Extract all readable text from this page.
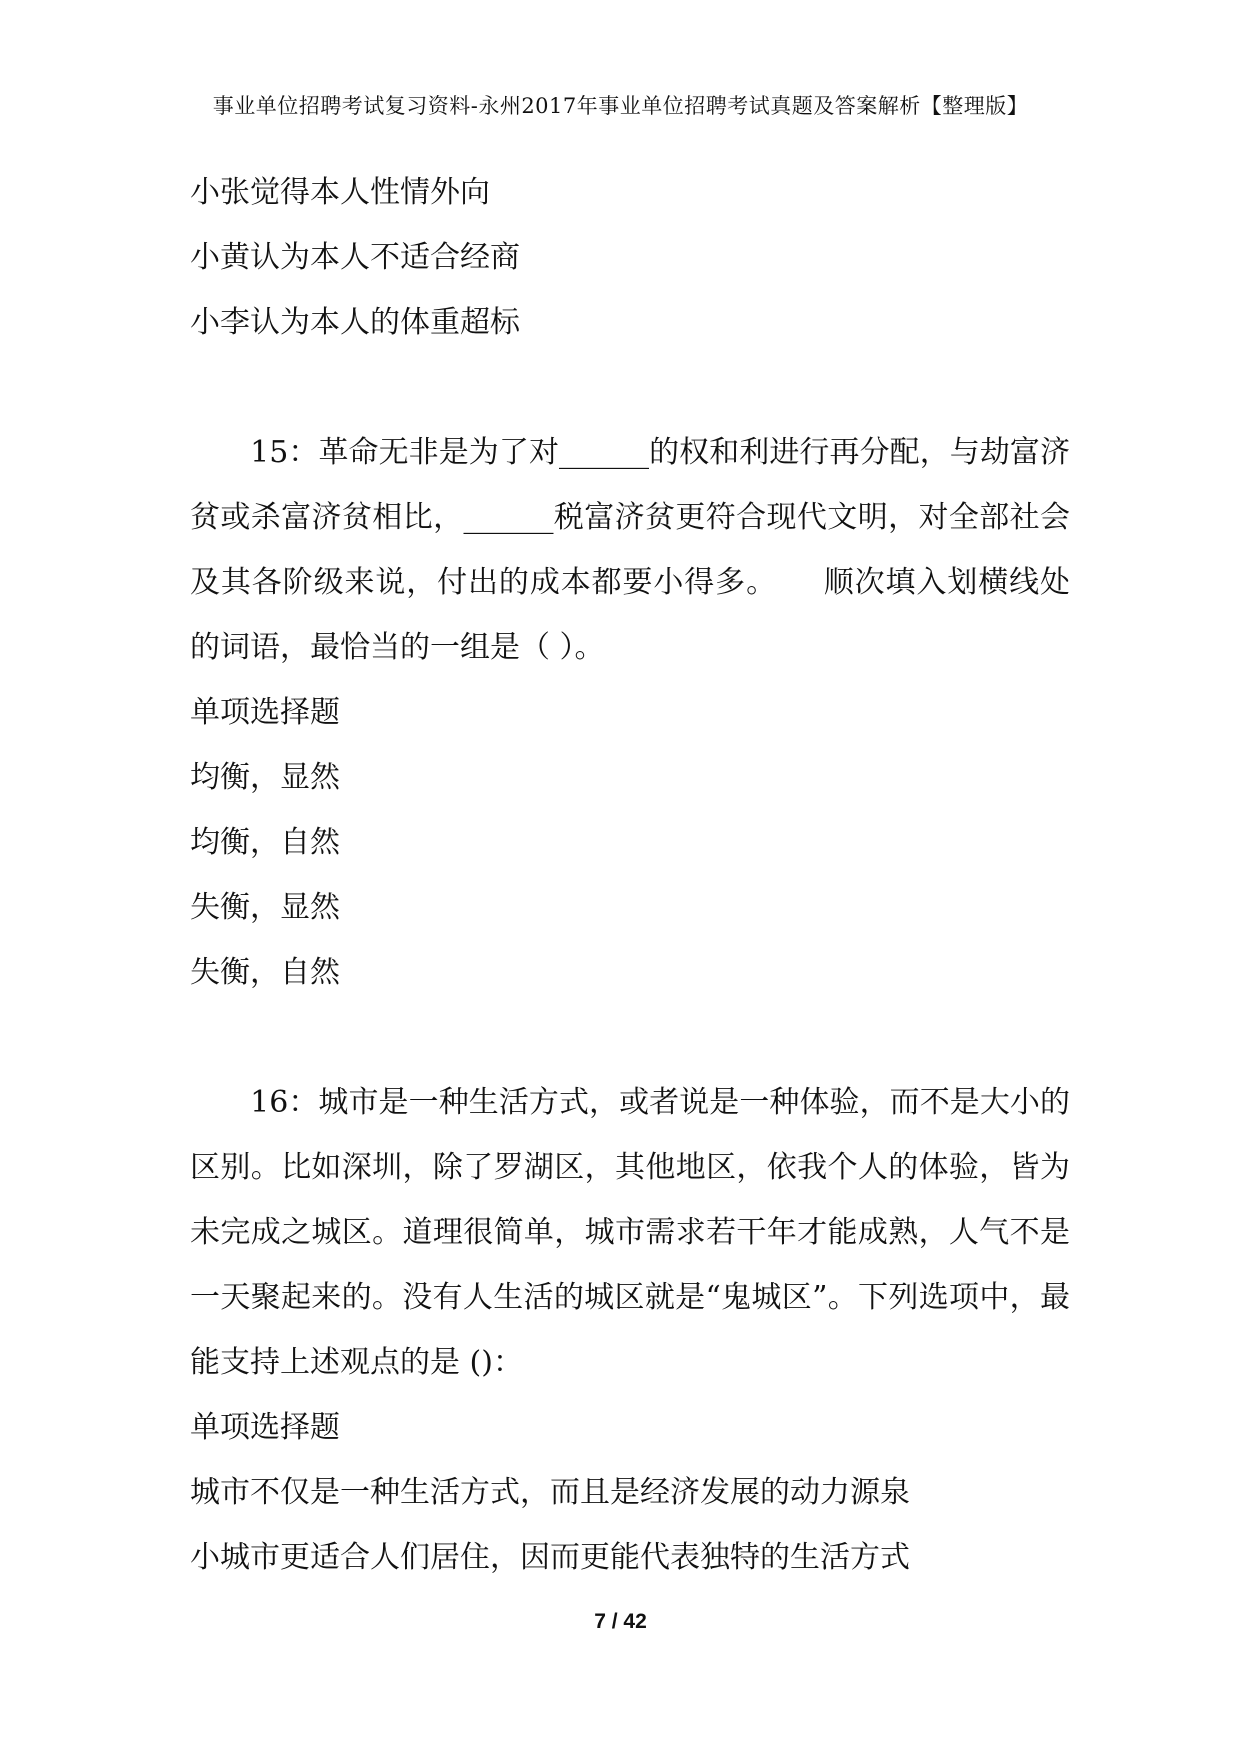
事业单位招聘考试复习资料-永州2017年事业单位招聘考试真题及答案解析【整理版】
小张觉得本人性情外向
小黄认为本人不适合经商
小李认为本人的体重超标

　　15：革命无非是为了对______的权和利进行再分配，与劫富济贫或杀富济贫相比，______税富济贫更符合现代文明，对全部社会及其各阶级来说，付出的成本都要小得多。　　顺次填入划横线处的词语，最恰当的一组是（ ）。

单项选择题
均衡，显然
均衡，自然
失衡，显然
失衡，自然

　　16：城市是一种生活方式，或者说是一种体验，而不是大小的区别。比如深圳，除了罗湖区，其他地区，依我个人的体验，皆为未完成之城区。道理很简单，城市需求若干年才能成熟，人气不是一天聚起来的。没有人生活的城区就是“鬼城区”。下列选项中，最能支持上述观点的是 ()：

单项选择题
城市不仅是一种生活方式，而且是经济发展的动力源泉
小城市更适合人们居住，因而更能代表独特的生活方式
7 / 42
